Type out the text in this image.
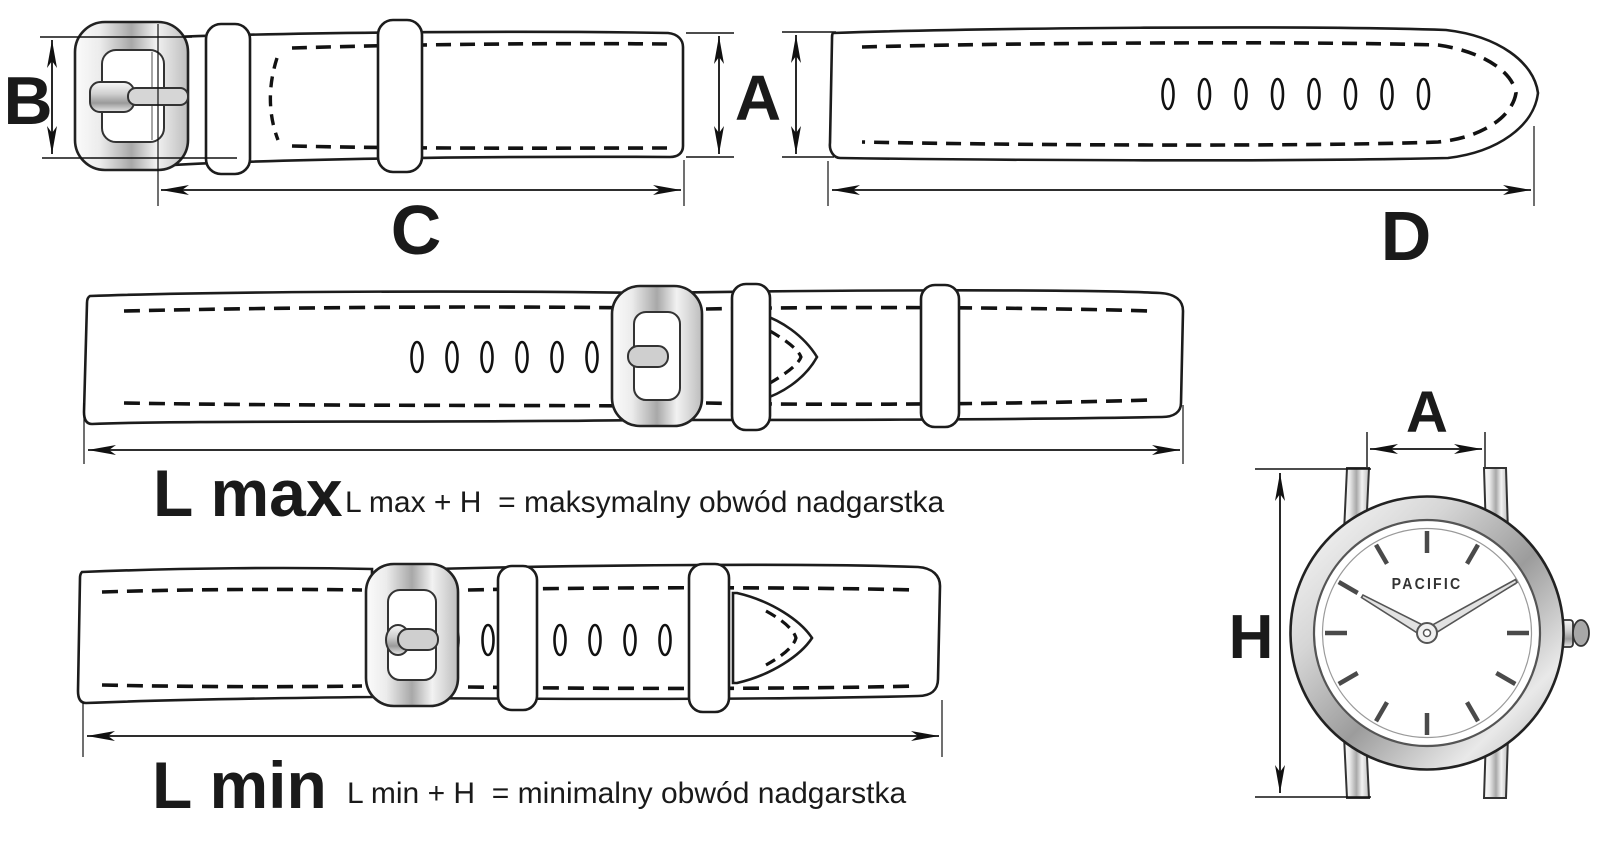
B
C
A
D
L max L max + H  = maksymalny obwód nadgarstka
L min L min + H  = minimalny obwód nadgarstka
PACIFIC
A
H
